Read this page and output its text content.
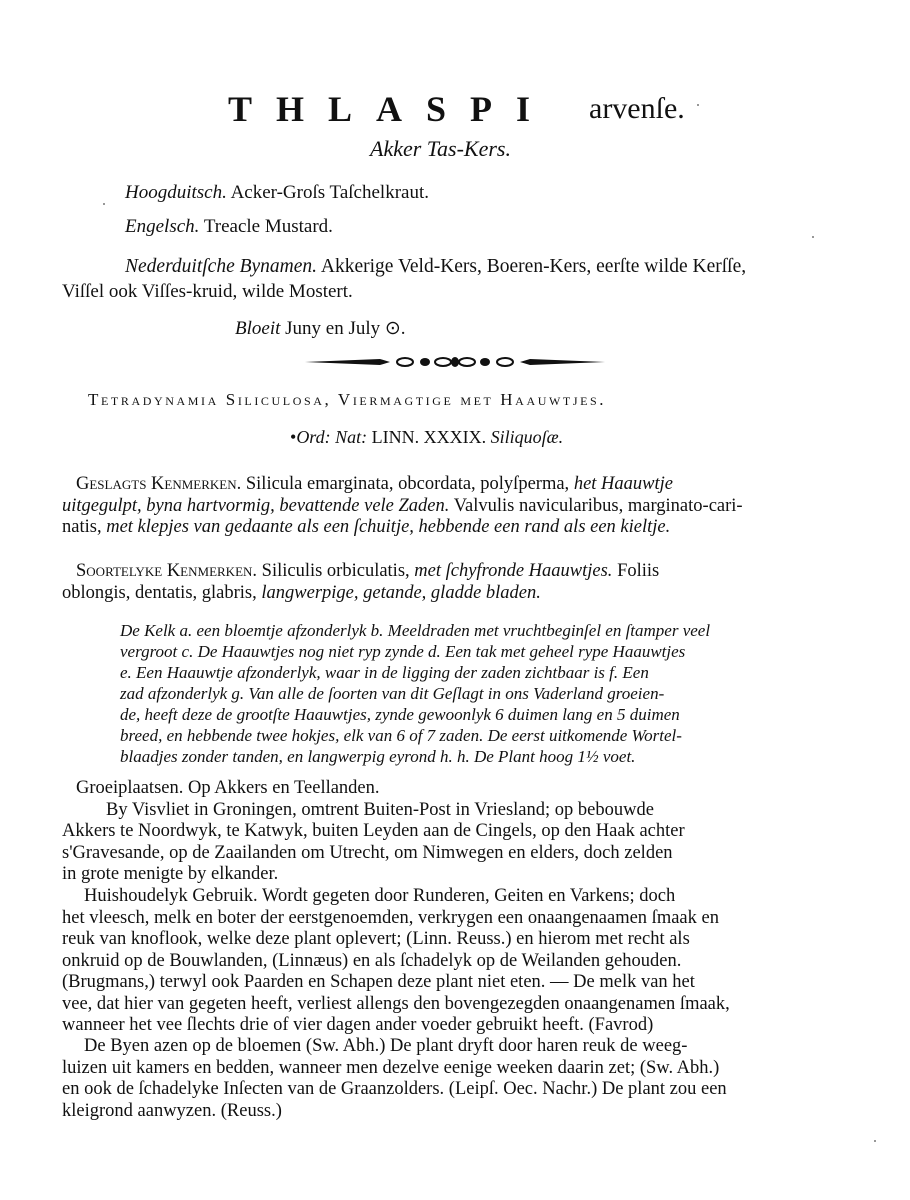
THLASPI arvenſe.
Akker Tas-Kers.
Hoogduitsch. Acker-Groſs Taſchelkraut.
Engelsch. Treacle Mustard.
Nederduitſche Bynamen. Akkerige Veld-Kers, Boeren-Kers, eerſte wilde Kerſſe,
Viſſel ook Viſſes-kruid, wilde Mostert.
Bloeit Juny en July ⊙.
Tetradynamia Siliculosa, Viermagtige met Haauwtjes.
•Ord: Nat: LINN. XXXIX. Siliquoſæ.
Geslagts Kenmerken. Silicula emarginata, obcordata, polyſperma, het Haauwtje
uitgegulpt, byna hartvormig, bevattende vele Zaden. Valvulis navicularibus, marginato-cari-
natis, met klepjes van gedaante als een ſchuitje, hebbende een rand als een kieltje.
Soortelyke Kenmerken. Siliculis orbiculatis, met ſchyfronde Haauwtjes. Foliis
oblongis, dentatis, glabris, langwerpige, getande, gladde bladen.
De Kelk a. een bloemtje afzonderlyk b. Meeldraden met vruchtbeginſel en ſtamper veel
vergroot c. De Haauwtjes nog niet ryp zynde d. Een tak met geheel rype Haauwtjes
e. Een Haauwtje afzonderlyk, waar in de ligging der zaden zichtbaar is f. Een
zad afzonderlyk g. Van alle de ſoorten van dit Geſlagt in ons Vaderland groeien-
de, heeft deze de grootſte Haauwtjes, zynde gewoonlyk 6 duimen lang en 5 duimen
breed, en hebbende twee hokjes, elk van 6 of 7 zaden. De eerst uitkomende Wortel-
blaadjes zonder tanden, en langwerpig eyrond h. h. De Plant hoog 1½ voet.
Groeiplaatsen. Op Akkers en Teellanden.
By Visvliet in Groningen, omtrent Buiten-Post in Vriesland; op bebouwde
Akkers te Noordwyk, te Katwyk, buiten Leyden aan de Cingels, op den Haak achter
s'Gravesande, op de Zaailanden om Utrecht, om Nimwegen en elders, doch zelden
in grote menigte by elkander.
Huishoudelyk Gebruik. Wordt gegeten door Runderen, Geiten en Varkens; doch
het vleesch, melk en boter der eerstgenoemden, verkrygen een onaangenaamen ſmaak en
reuk van knoflook, welke deze plant oplevert; (Linn. Reuss.) en hierom met recht als
onkruid op de Bouwlanden, (Linnæus) en als ſchadelyk op de Weilanden gehouden.
(Brugmans,) terwyl ook Paarden en Schapen deze plant niet eten. — De melk van het
vee, dat hier van gegeten heeft, verliest allengs den bovengezegden onaangenamen ſmaak,
wanneer het vee ſlechts drie of vier dagen ander voeder gebruikt heeft. (Favrod)
De Byen azen op de bloemen (Sw. Abh.) De plant dryft door haren reuk de weeg-
luizen uit kamers en bedden, wanneer men dezelve eenige weeken daarin zet; (Sw. Abh.)
en ook de ſchadelyke Inſecten van de Graanzolders. (Leipſ. Oec. Nachr.) De plant zou een
kleigrond aanwyzen. (Reuss.)
